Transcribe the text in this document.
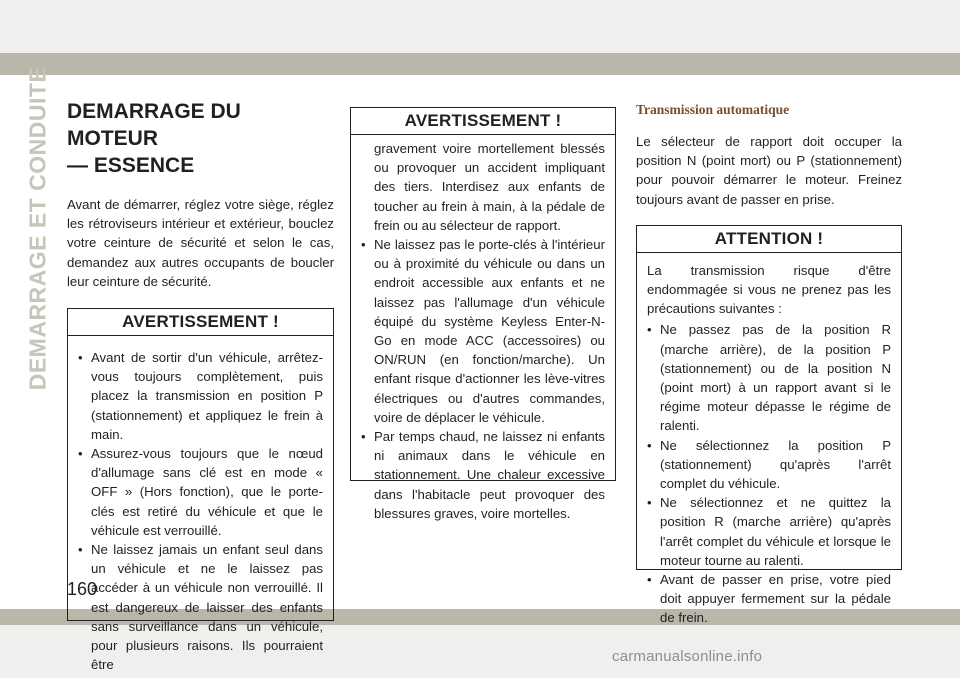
DEMARRAGE ET CONDUITE DEMARRAGE DU MOTEUR
— ESSENCE

Avant de démarrer, réglez votre siège, réglez les rétroviseurs intérieur et extérieur, bouclez votre ceinture de sécurité et selon le cas, demandez aux autres occupants de boucler leur ceinture de sécurité.

AVERTISSEMENT !
• Avant de sortir d'un véhicule, arrêtez-vous toujours complètement, puis placez la transmission en position P (stationnement) et appliquez le frein à main.
• Assurez-vous toujours que le nœud d'allumage sans clé est en mode « OFF » (Hors fonction), que le porte-clés est retiré du véhicule et que le véhicule est verrouillé.
• Ne laissez jamais un enfant seul dans un véhicule et ne le laissez pas accéder à un véhicule non verrouillé. Il est dangereux de laisser des enfants sans surveillance dans un véhicule, pour plusieurs raisons. Ils pourraient être
AVERTISSEMENT !
gravement voire mortellement blessés ou provoquer un accident impliquant des tiers. Interdisez aux enfants de toucher au frein à main, à la pédale de frein ou au sélecteur de rapport.
• Ne laissez pas le porte-clés à l'intérieur ou à proximité du véhicule ou dans un endroit accessible aux enfants et ne laissez pas l'allumage d'un véhicule équipé du système Keyless Enter-N-Go en mode ACC (accessoires) ou ON/RUN (en fonction/marche). Un enfant risque d'actionner les lève-vitres électriques ou d'autres commandes, voire de déplacer le véhicule.
• Par temps chaud, ne laissez ni enfants ni animaux dans le véhicule en stationnement. Une chaleur excessive dans l'habitacle peut provoquer des blessures graves, voire mortelles.
Transmission automatique

Le sélecteur de rapport doit occuper la position N (point mort) ou P (stationnement) pour pouvoir démarrer le moteur. Freinez toujours avant de passer en prise.

ATTENTION !

La transmission risque d'être endommagée si vous ne prenez pas les précautions suivantes :

• Ne passez pas de la position R (marche arrière), de la position P (stationnement) ou de la position N (point mort) à un rapport avant si le régime moteur dépasse le régime de ralenti.
• Ne sélectionnez la position P (stationnement) qu'après l'arrêt complet du véhicule.
• Ne sélectionnez et ne quittez la position R (marche arrière) qu'après l'arrêt complet du véhicule et lorsque le moteur tourne au ralenti.
• Avant de passer en prise, votre pied doit appuyer fermement sur la pédale de frein.
160
carmanualsonline.info
